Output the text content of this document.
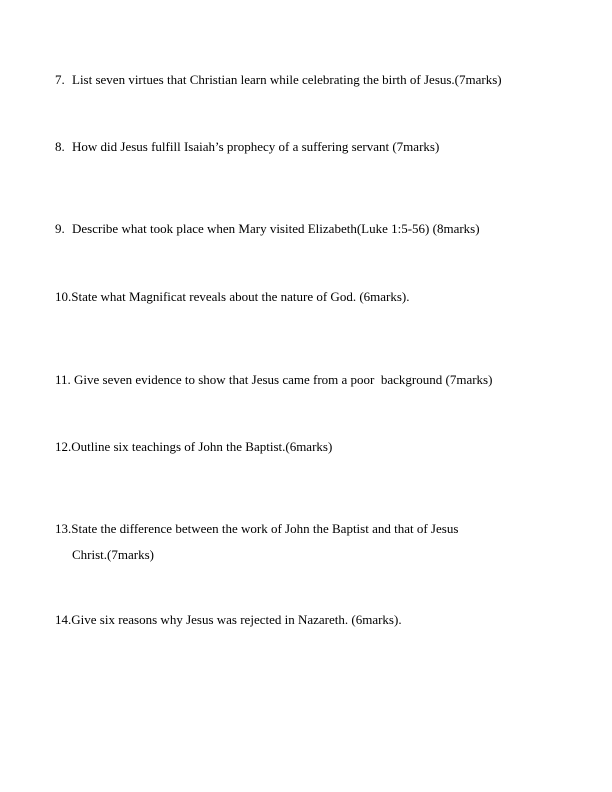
7. List seven virtues that Christian learn while celebrating the birth of Jesus.(7marks)
8. How did Jesus fulfill Isaiah’s prophecy of a suffering servant (7marks)
9. Describe what took place when Mary visited Elizabeth(Luke 1:5-56) (8marks)
10.State what Magnificat reveals about the nature of God. (6marks).
11. Give seven evidence to show that Jesus came from a poor  background (7marks)
12.Outline six teachings of John the Baptist.(6marks)
13.State the difference between the work of John the Baptist and that of Jesus
Christ.(7marks)
14.Give six reasons why Jesus was rejected in Nazareth. (6marks).
